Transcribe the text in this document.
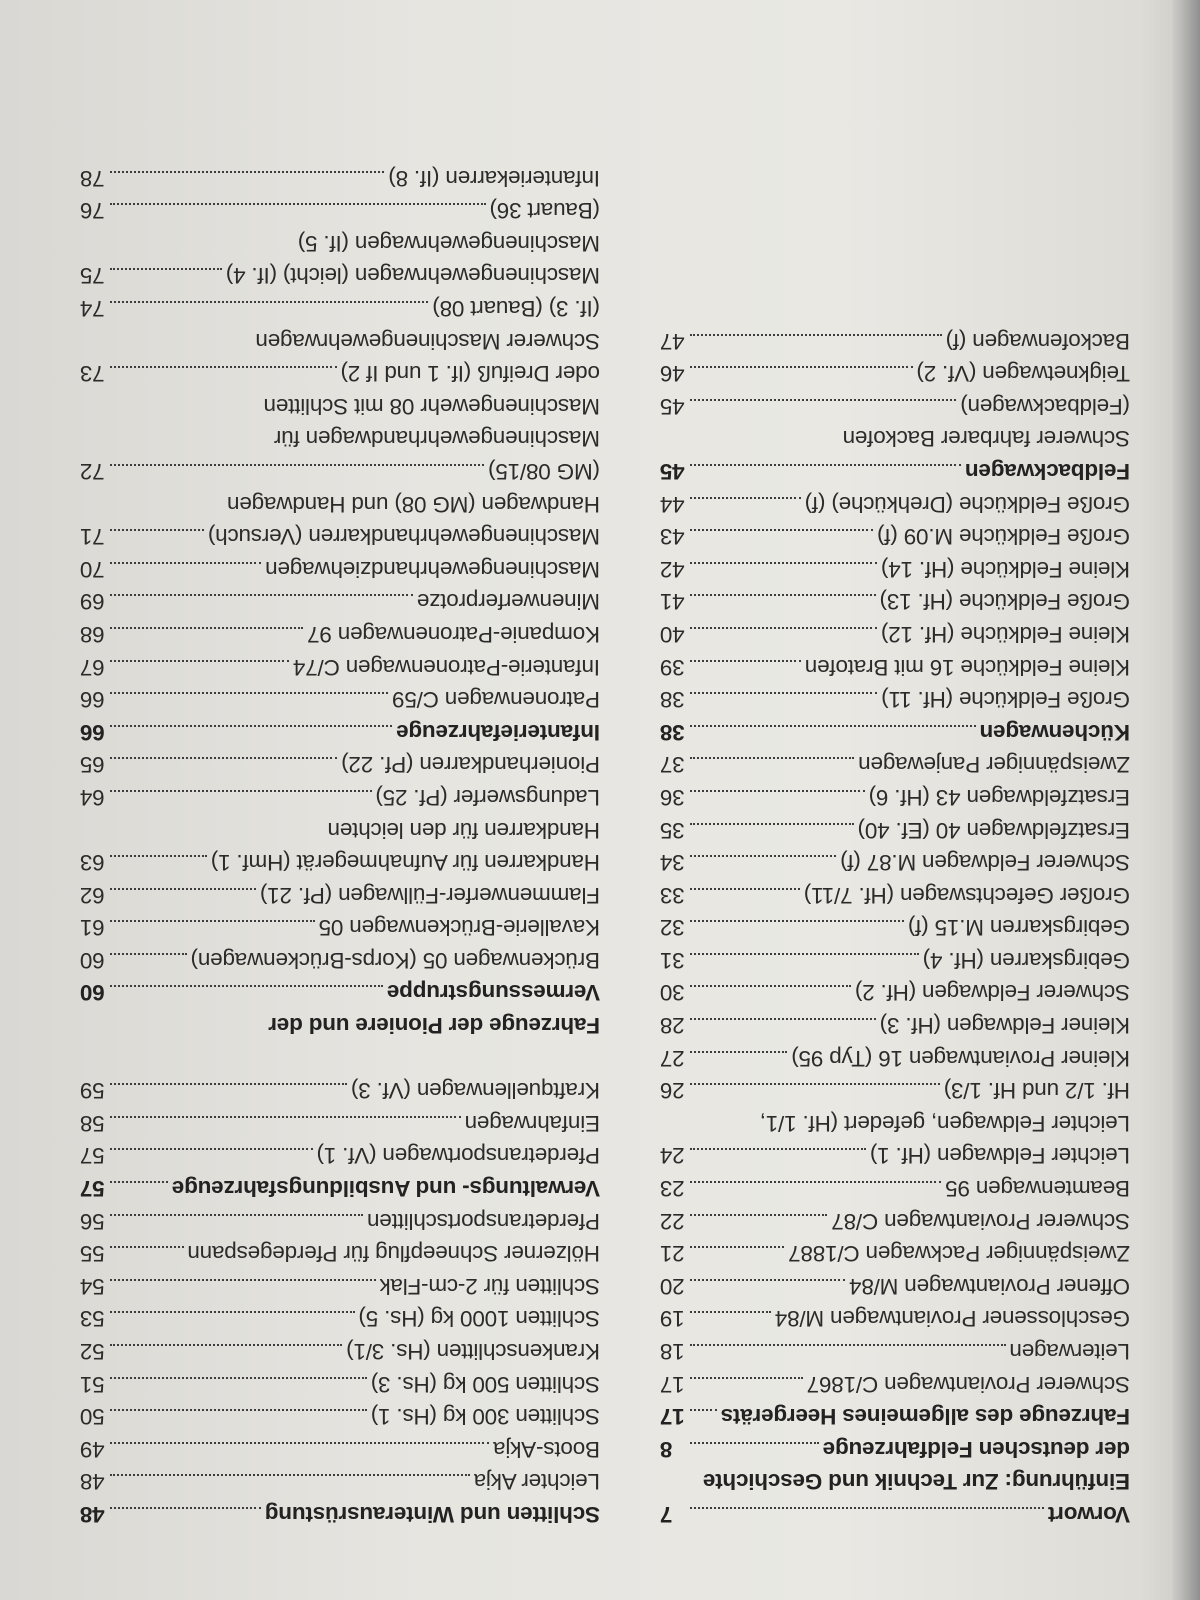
Vorwort
7
Einführung: Zur Technik und Geschichte
der deutschen Feldfahrzeuge
8
Fahrzeuge des allgemeines Heergeräts
17
Schwerer Proviantwagen C/1867
17
Leiterwagen
18
Geschlossener Proviantwagen M/84
19
Offener Proviantwagen M/84
20
Zweispänniger Packwagen C/1887
21
Schwerer Proviantwagen C/87
22
Beamtenwagen 95
23
Leichter Feldwagen (Hf. 1)
24
Leichter Feldwagen, gefedert (Hf. 1/1,
Hf. 1/2 und Hf. 1/3)
26
Kleiner Proviantwagen 16 (Typ 95)
27
Kleiner Feldwagen (Hf. 3)
28
Schwerer Feldwagen (Hf. 2)
30
Gebirgskarren (Hf. 4)
31
Gebirgskarren M.15 (f)
32
Großer Gefechtswagen (Hf. 7/11)
33
Schwerer Feldwagen M.87 (f)
34
Ersatzfeldwagen 40 (Ef. 40)
35
Ersatzfeldwagen 43 (Hf. 6)
36
Zweispänniger Panjewagen
37
Küchenwagen
38
Große Feldküche (Hf. 11)
38
Kleine Feldküche 16 mit Bratofen
39
Kleine Feldküche (Hf. 12)
40
Große Feldküche (Hf. 13)
41
Kleine Feldküche (Hf. 14)
42
Große Feldküche M.09 (f)
43
Große Feldküche (Drehküche) (f)
44
Feldbackwagen
45
Schwerer fahrbarer Backofen
(Feldbackwagen)
45
Teigknetwagen (Vf. 2)
46
Backofenwagen (f)
47
Schlitten und Winterausrüstung
48
Leichter Akja
48
Boots-Akja
49
Schlitten 300 kg (Hs. 1)
50
Schlitten 500 kg (Hs. 3)
51
Krankenschlitten (Hs. 3/1)
52
Schlitten 1000 kg (Hs. 5)
53
Schlitten für 2-cm-Flak
54
Hölzerner Schneepflug für Pferdegespann
55
Pferdetransportschlitten
56
Verwaltungs- und Ausbildungsfahrzeuge
57
Pferdetransportwagen (Vf. 1)
57
Einfahrwagen
58
Kraftquellenwagen (Vf. 3)
59

Fahrzeuge der Pioniere und der
Vermessungstruppe
60
Brückenwagen 05 (Korps-Brückenwagen)
60
Kavallerie-Brückenwagen 05
61
Flammenwerfer-Füllwagen (Pf. 21)
62
Handkarren für Aufnahmegerät (Hmf. 1)
63
Handkarren für den leichten
Ladungswerfer (Pf. 25)
64
Pionierhandkarren (Pf. 22)
65
Infanteriefahrzeuge
66
Patronenwagen C/59
66
Infanterie-Patronenwagen C/74
67
Kompanie-Patronenwagen 97
68
Minenwerferprotze
69
Maschinengewehrhandziehwagen
70
Maschinengewehrhandkarren (Versuch)
71
Handwagen (MG 08) und Handwagen
(MG 08/15)
72
Maschinengewehrhandwagen für
Maschinengewehr 08 mit Schlitten
oder Dreifuß (If. 1 und If 2)
73
Schwerer Maschinengewehrwagen
(If. 3) (Bauart 08)
74
Maschinengewehrwagen (leicht) (If. 4)
75
Maschinengewehrwagen (If. 5)
(Bauart 36)
76
Infanteriekarren (If. 8)
78
